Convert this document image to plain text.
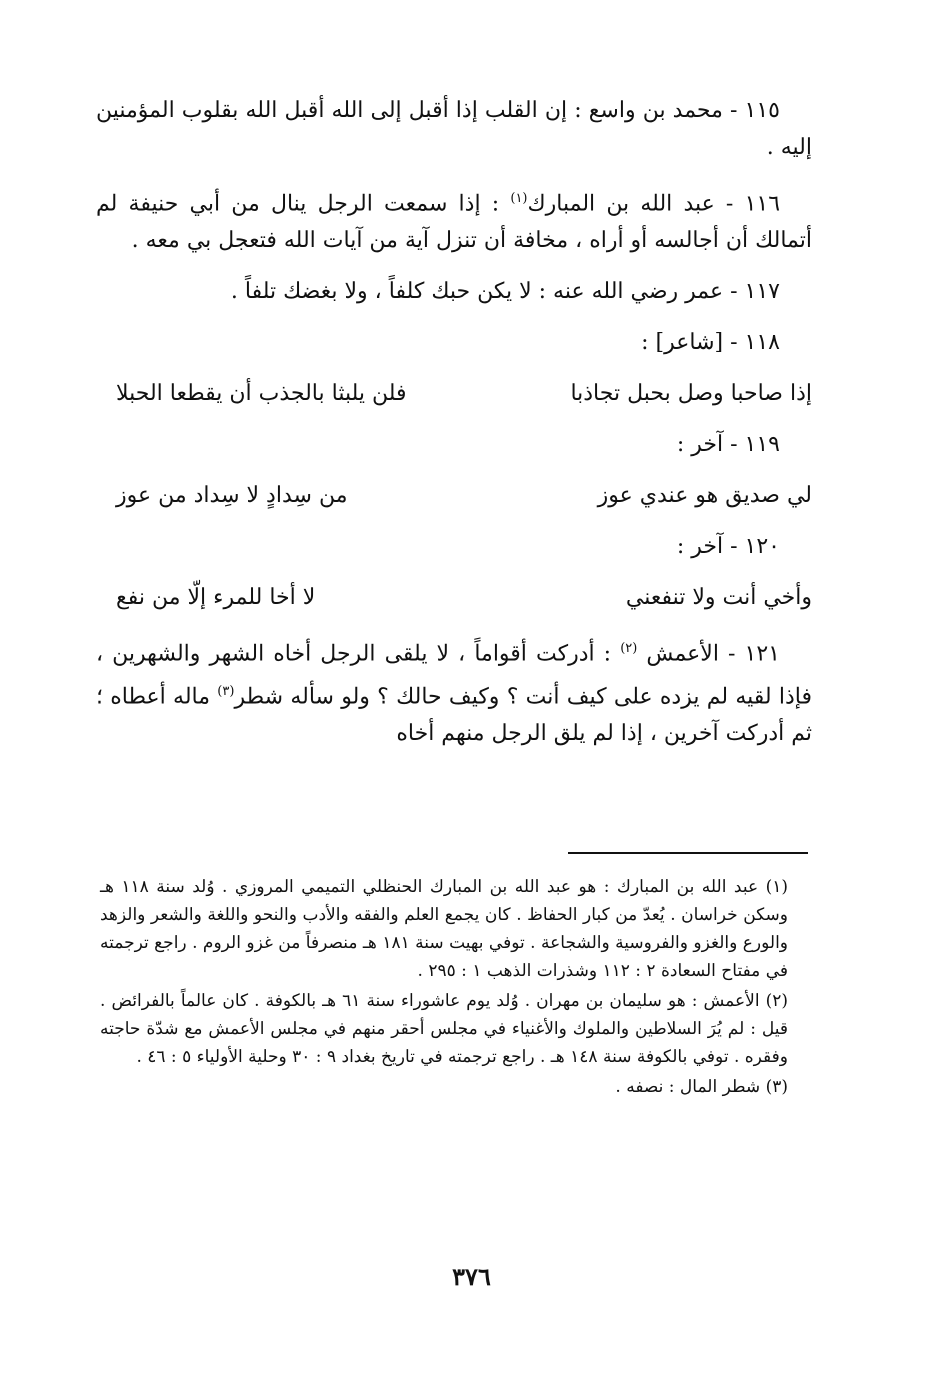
١١٥ - محمد بن واسع : إن القلب إذا أقبل إلى الله أقبل الله بقلوب المؤمنين إليه .

١١٦ - عبد الله بن المبارك$^{(١)}$ : إذا سمعت الرجل ينال من أبي حنيفة لم أتمالك أن أجالسه أو أراه ، مخافة أن تنزل آية من آيات الله فتعجل بي معه .

١١٧ - عمر رضي الله عنه : لا يكن حبك كلفاً ، ولا بغضك تلفاً .

١١٨ - [شاعر] :

إذا صاحبا وصل بحبل تجاذبا
فلن يلبثا بالجذب أن يقطعا الحبلا

١١٩ - آخر :

لي صديق هو عندي عوز
من سِدادٍ لا سِداد من عوز

١٢٠ - آخر :

وأخي أنت ولا تنفعني
لا أخا للمرء إلّا من نفع

١٢١ - الأعمش $^{(٢)}$ : أدركت أقواماً ، لا يلقى الرجل أخاه الشهر والشهرين ، فإذا لقيه لم يزده على كيف أنت ؟ وكيف حالك ؟ ولو سأله شطر$^{(٣)}$ ماله أعطاه ؛ ثم أدركت آخرين ، إذا لم يلق الرجل منهم أخاه

(١) عبد الله بن المبارك : هو عبد الله بن المبارك الحنظلي التميمي المروزي . وُلد سنة ١١٨ هـ وسكن خراسان . يُعدّ من كبار الحفاظ . كان يجمع العلم والفقه والأدب والنحو واللغة والشعر والزهد والورع والغزو والفروسية والشجاعة . توفي بهيت سنة ١٨١ هـ منصرفاً من غزو الروم . راجع ترجمته في مفتاح السعادة ٢ : ١١٢ وشذرات الذهب ١ : ٢٩٥ .

(٢) الأعمش : هو سليمان بن مهران . وُلد يوم عاشوراء سنة ٦١ هـ بالكوفة . كان عالماً بالفرائض . قيل : لم يُرَ السلاطين والملوك والأغنياء في مجلس أحقر منهم في مجلس الأعمش مع شدّة حاجته وفقره . توفي بالكوفة سنة ١٤٨ هـ . راجع ترجمته في تاريخ بغداد ٩ : ٣٠ وحلية الأولياء ٥ : ٤٦ .

(٣) شطر المال : نصفه .

٣٧٦
